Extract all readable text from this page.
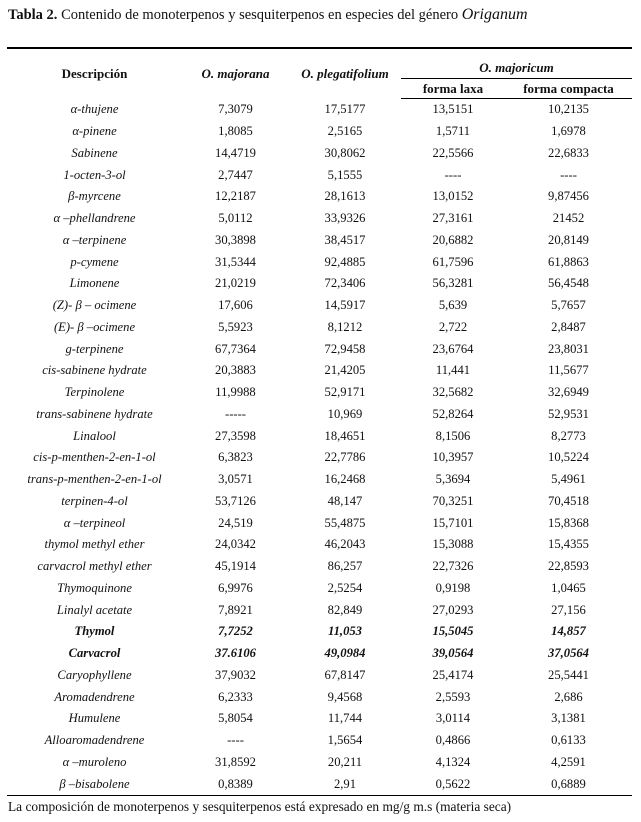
Tabla 2. Contenido de monoterpenos y sesquiterpenos en especies del género Origanum
Descripción	O. majorana	O. plegatifolium	O. majoricum	
			forma laxa	forma compacta
α-thujene	7,3079	17,5177	13,5151	10,2135
α-pinene	1,8085	2,5165	1,5711	1,6978
Sabinene	14,4719	30,8062	22,5566	22,6833
1-octen-3-ol	2,7447	5,1555	----	----
β-myrcene	12,2187	28,1613	13,0152	9,87456
α –phellandrene	5,0112	33,9326	27,3161	21452
α –terpinene	30,3898	38,4517	20,6882	20,8149
p-cymene	31,5344	92,4885	61,7596	61,8863
Limonene	21,0219	72,3406	56,3281	56,4548
(Z)- β – ocimene	17,606	14,5917	5,639	5,7657
(E)- β –ocimene	5,5923	8,1212	2,722	2,8487
g-terpinene	67,7364	72,9458	23,6764	23,8031
cis-sabinene hydrate	20,3883	21,4205	11,441	11,5677
Terpinolene	11,9988	52,9171	32,5682	32,6949
trans-sabinene hydrate	-----	10,969	52,8264	52,9531
Linalool	27,3598	18,4651	8,1506	8,2773
cis-p-menthen-2-en-1-ol	6,3823	22,7786	10,3957	10,5224
trans-p-menthen-2-en-1-ol	3,0571	16,2468	5,3694	5,4961
terpinen-4-ol	53,7126	48,147	70,3251	70,4518
α –terpineol	24,519	55,4875	15,7101	15,8368
thymol methyl ether	24,0342	46,2043	15,3088	15,4355
carvacrol methyl ether	45,1914	86,257	22,7326	22,8593
Thymoquinone	6,9976	2,5254	0,9198	1,0465
Linalyl acetate	7,8921	82,849	27,0293	27,156
Thymol	7,7252	11,053	15,5045	14,857
Carvacrol	37.6106	49,0984	39,0564	37,0564
Caryophyllene	37,9032	67,8147	25,4174	25,5441
Aromadendrene	6,2333	9,4568	2,5593	2,686
Humulene	5,8054	11,744	3,0114	3,1381
Alloaromadendrene	----	1,5654	0,4866	0,6133
α –muroleno	31,8592	20,211	4,1324	4,2591
β –bisabolene	0,8389	2,91	0,5622	0,6889
La composición de monoterpenos y sesquiterpenos está expresado en mg/g m.s (materia seca)
